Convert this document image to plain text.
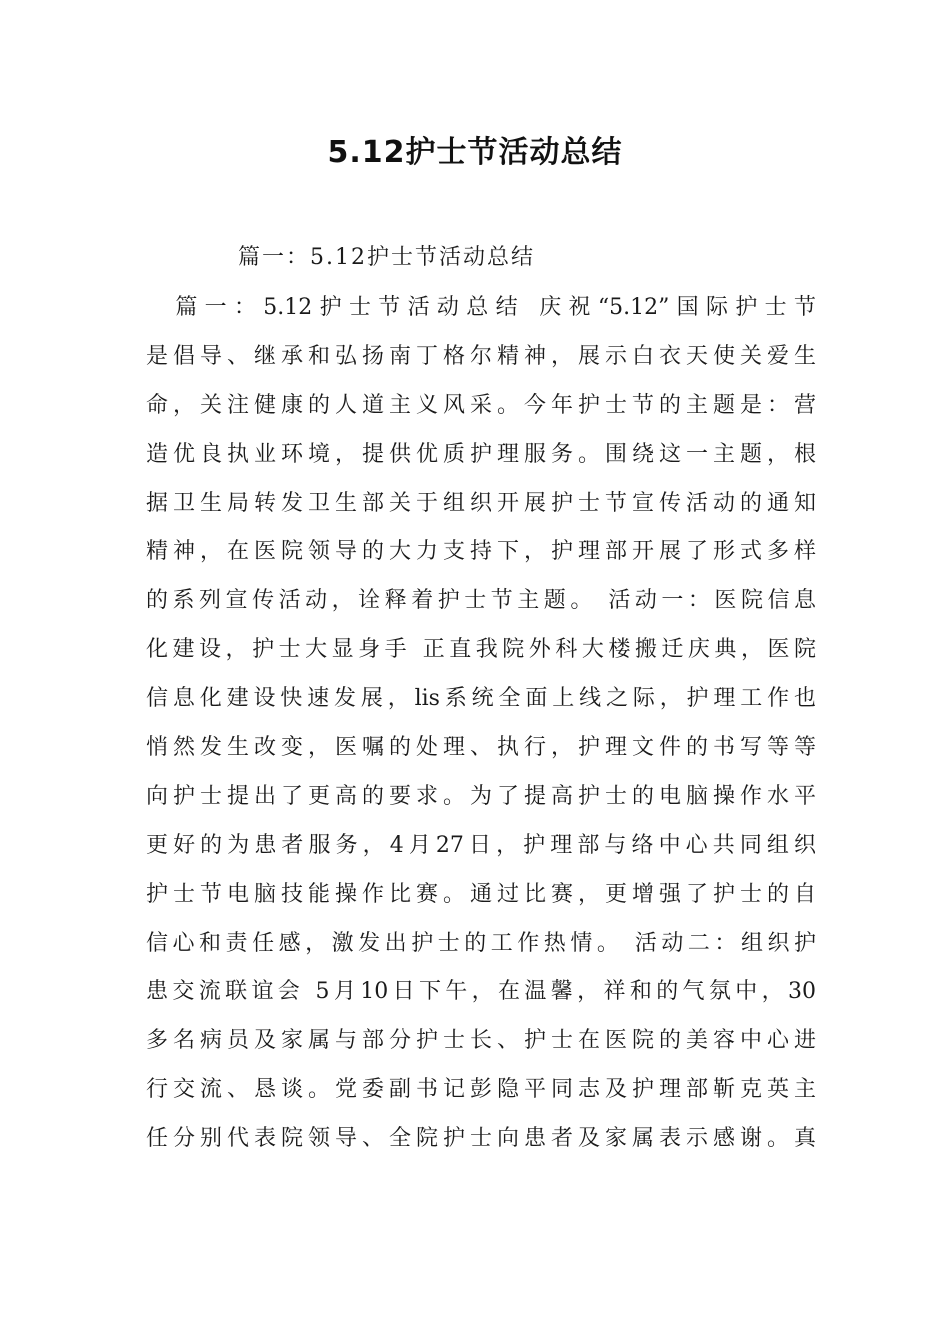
5.12护士节活动总结
篇一：5.12护士节活动总结
　篇一：5.12护士节活动总结 庆祝“5.12”国际护士节
是倡导、继承和弘扬南丁格尔精神，展示白衣天使关爱生
命，关注健康的人道主义风采。今年护士节的主题是：营
造优良执业环境，提供优质护理服务。围绕这一主题，根
据卫生局转发卫生部关于组织开展护士节宣传活动的通知
精神，在医院领导的大力支持下，护理部开展了形式多样
的系列宣传活动，诠释着护士节主题。 活动一：医院信息
化建设，护士大显身手 正直我院外科大楼搬迁庆典，医院
信息化建设快速发展，lis系统全面上线之际，护理工作也
悄然发生改变，医嘱的处理、执行，护理文件的书写等等
向护士提出了更高的要求。为了提高护士的电脑操作水平
更好的为患者服务，4月27日，护理部与络中心共同组织
护士节电脑技能操作比赛。通过比赛，更增强了护士的自
信心和责任感，激发出护士的工作热情。 活动二：组织护
患交流联谊会 5月10日下午，在温馨，祥和的气氛中，30
多名病员及家属与部分护士长、护士在医院的美容中心进
行交流、恳谈。党委副书记彭隐平同志及护理部靳克英主
任分别代表院领导、全院护士向患者及家属表示感谢。真
